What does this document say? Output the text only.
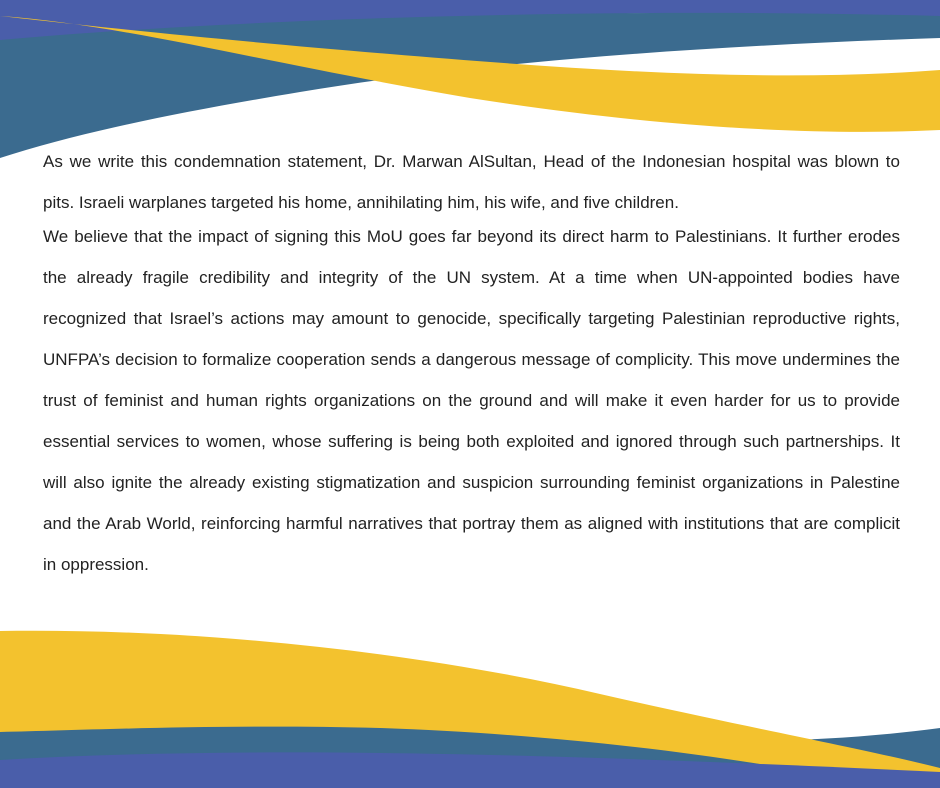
As we write this condemnation statement, Dr. Marwan AlSultan, Head of the Indonesian hospital was blown to pits. Israeli warplanes targeted his home, annihilating him, his wife, and five children.

We believe that the impact of signing this MoU goes far beyond its direct harm to Palestinians. It further erodes the already fragile credibility and integrity of the UN system. At a time when UN-appointed bodies have recognized that Israel’s actions may amount to genocide, specifically targeting Palestinian reproductive rights, UNFPA’s decision to formalize cooperation sends a dangerous message of complicity. This move undermines the trust of feminist and human rights organizations on the ground and will make it even harder for us to provide essential services to women, whose suffering is being both exploited and ignored through such partnerships. It will also ignite the already existing stigmatization and suspicion surrounding feminist organizations in Palestine and the Arab World, reinforcing harmful narratives that portray them as aligned with institutions that are complicit in oppression.
